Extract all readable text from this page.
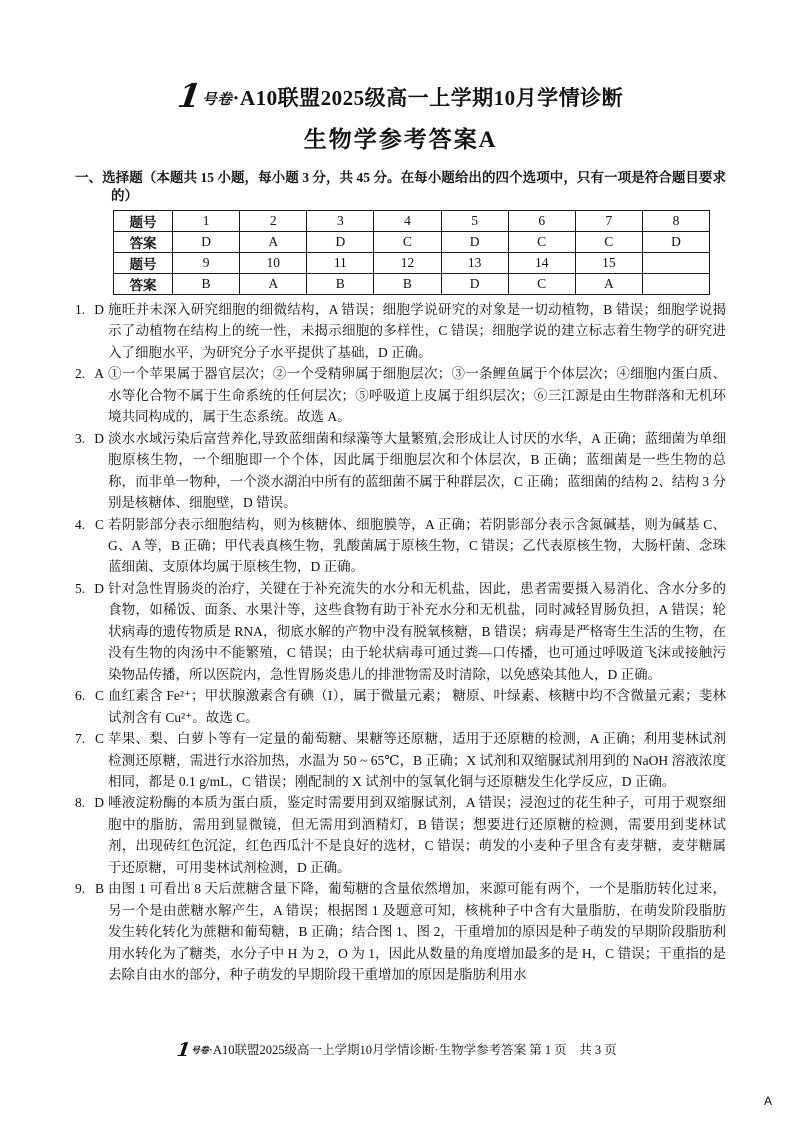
1号卷·A10联盟2025级高一上学期10月学情诊断
生物学参考答案A
一、选择题（本题共 15 小题，每小题 3 分，共 45 分。在每小题给出的四个选项中，只有一项是符合题目要求的）
题号	1	2	3	4	5	6	7	8
答案	D	A	D	C	D	C	C	D
题号	9	10	11	12	13	14	15	
答案	B	A	B	B	D	C	A	
1. D 施旺并未深入研究细胞的细微结构，A 错误；细胞学说研究的对象是一切动植物，B 错误；细胞学说揭示了动植物在结构上的统一性，未揭示细胞的多样性，C 错误；细胞学说的建立标志着生物学的研究进入了细胞水平，为研究分子水平提供了基础，D 正确。
2. A ①一个苹果属于器官层次；②一个受精卵属于细胞层次；③一条鲤鱼属于个体层次；④细胞内蛋白质、水等化合物不属于生命系统的任何层次；⑤呼吸道上皮属于组织层次；⑥三江源是由生物群落和无机环境共同构成的，属于生态系统。故选 A。
3. D 淡水水域污染后富营养化,导致蓝细菌和绿藻等大量繁殖,会形成让人讨厌的水华，A 正确；蓝细菌为单细胞原核生物，一个细胞即一个个体，因此属于细胞层次和个体层次，B 正确；蓝细菌是一些生物的总称，而非单一物种，一个淡水湖泊中所有的蓝细菌不属于种群层次，C 正确；蓝细菌的结构 2、结构 3 分别是核糖体、细胞壁，D 错误。
4. C 若阴影部分表示细胞结构，则为核糖体、细胞膜等，A 正确；若阴影部分表示含氮碱基，则为碱基 C、G、A 等，B 正确；甲代表真核生物，乳酸菌属于原核生物，C 错误；乙代表原核生物，大肠杆菌、念珠蓝细菌、支原体均属于原核生物，D 正确。
5. D 针对急性胃肠炎的治疗，关键在于补充流失的水分和无机盐，因此，患者需要摄入易消化、含水分多的食物，如稀饭、面条、水果汁等，这些食物有助于补充水分和无机盐，同时减轻胃肠负担，A 错误；轮状病毒的遗传物质是 RNA，彻底水解的产物中没有脱氧核糖，B 错误；病毒是严格寄生生活的生物，在没有生物的肉汤中不能繁殖，C 错误；由于轮状病毒可通过粪—口传播，也可通过呼吸道飞沫或接触污染物品传播，所以医院内，急性胃肠炎患儿的排泄物需及时清除，以免感染其他人，D 正确。
6. C 血红素含 Fe²⁺；甲状腺激素含有碘（I），属于微量元素； 糖原、叶绿素、核糖中均不含微量元素；斐林试剂含有 Cu²⁺。故选 C。
7. C 苹果、梨、白萝卜等有一定量的葡萄糖、果糖等还原糖，适用于还原糖的检测，A 正确；利用斐林试剂检测还原糖，需进行水浴加热，水温为 50 ~ 65℃，B 正确；X 试剂和双缩脲试剂用到的 NaOH 溶液浓度相同，都是 0.1 g/mL，C 错误；刚配制的 X 试剂中的氢氧化铜与还原糖发生化学反应，D 正确。
8. D 唾液淀粉酶的本质为蛋白质，鉴定时需要用到双缩脲试剂，A 错误；浸泡过的花生种子，可用于观察细胞中的脂肪，需用到显微镜，但无需用到酒精灯，B 错误；想要进行还原糖的检测，需要用到斐林试剂，出现砖红色沉淀，红色西瓜汁不是良好的选材，C 错误；萌发的小麦种子里含有麦芽糖，麦芽糖属于还原糖，可用斐林试剂检测，D 正确。
9. B 由图 1 可看出 8 天后蔗糖含量下降，葡萄糖的含量依然增加，来源可能有两个，一个是脂肪转化过来，另一个是由蔗糖水解产生，A 错误；根据图 1 及题意可知，核桃种子中含有大量脂肪，在萌发阶段脂肪发生转化转化为蔗糖和葡萄糖，B 正确；结合图 1、图 2，干重增加的原因是种子萌发的早期阶段脂肪利用水转化为了糖类，水分子中 H 为 2，O 为 1，因此从数量的角度增加最多的是 H，C 错误；干重指的是去除自由水的部分，种子萌发的早期阶段干重增加的原因是脂肪利用水
1号卷·A10联盟2025级高一上学期10月学情诊断·生物学参考答案 第 1 页　共 3 页
A
